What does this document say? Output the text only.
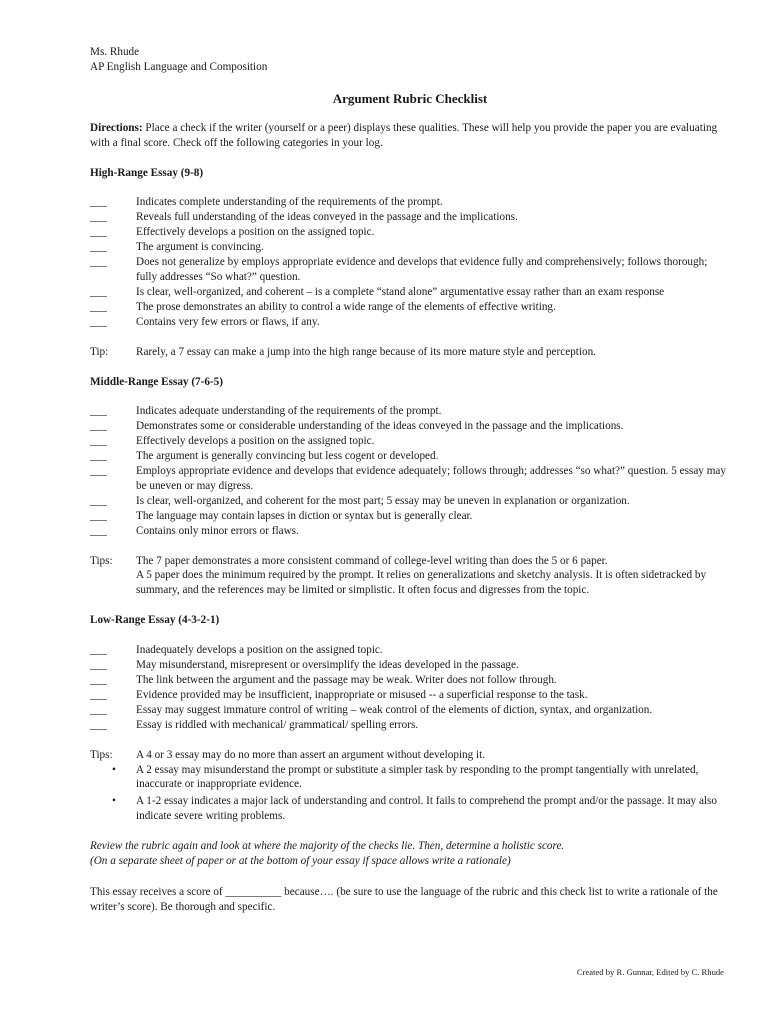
Ms. Rhude

AP English Language and Composition

Argument Rubric Checklist
Directions: Place a check if the writer (yourself or a peer) displays these qualities. These will help you provide the paper you are evaluating with a final score. Check off the following categories in your log.
High-Range Essay (9-8)
___	Indicates complete understanding of the requirements of the prompt.
___	Reveals full understanding of the ideas conveyed in the passage and the implications.
___	Effectively develops a position on the assigned topic.
___	The argument is convincing.
___	Does not generalize by employs appropriate evidence and develops that evidence fully and comprehensively; follows thorough; fully addresses “So what?” question.
___	Is clear, well-organized, and coherent – is a complete “stand alone” argumentative essay rather than an exam response
___	The prose demonstrates an ability to control a wide range of the elements of effective writing.
___	Contains very few errors or flaws, if any.
Tip:	Rarely, a 7 essay can make a jump into the high range because of its more mature style and perception.
Middle-Range Essay (7-6-5)
___	Indicates adequate understanding of the requirements of the prompt.
___	Demonstrates some or considerable understanding of the ideas conveyed in the passage and the implications.
___	Effectively develops a position on the assigned topic.
___	The argument is generally convincing but less cogent or developed.
___	Employs appropriate evidence and develops that evidence adequately; follows through; addresses “so what?” question. 5 essay may be uneven or may digress.
___	Is clear, well-organized, and coherent for the most part; 5 essay may be uneven in explanation or organization.
___	The language may contain lapses in diction or syntax but is generally clear.
___	Contains only minor errors or flaws.
Tips:	The 7 paper demonstrates a more consistent command of college-level writing than does the 5 or 6 paper.
A 5 paper does the minimum required by the prompt. It relies on generalizations and sketchy analysis. It is often sidetracked by summary, and the references may be limited or simplistic. It often focus and digresses from the topic.
Low-Range Essay (4-3-2-1)
___	Inadequately develops a position on the assigned topic.
___	May misunderstand, misrepresent or oversimplify the ideas developed in the passage.
___	The link between the argument and the passage may be weak. Writer does not follow through.
___	Evidence provided may be insufficient, inappropriate or misused -- a superficial response to the task.
___	Essay may suggest immature control of writing – weak control of the elements of diction, syntax, and organization.
___	Essay is riddled with mechanical/ grammatical/ spelling errors.
Tips:	A 4 or 3 essay may do no more than assert an argument without developing it.
•	A 2 essay may misunderstand the prompt or substitute a simpler task by responding to the prompt tangentially with unrelated, inaccurate or inappropriate evidence.
•	A 1-2 essay indicates a major lack of understanding and control. It fails to comprehend the prompt and/or the passage. It may also indicate severe writing problems.
Review the rubric again and look at where the majority of the checks lie. Then, determine a holistic score.
(On a separate sheet of paper or at the bottom of your essay if space allows write a rationale)
This essay receives a score of __________ because…. (be sure to use the language of the rubric and this check list to write a rationale of the writer’s score). Be thorough and specific.
Created by R. Gunnar, Edited by C. Rhude
